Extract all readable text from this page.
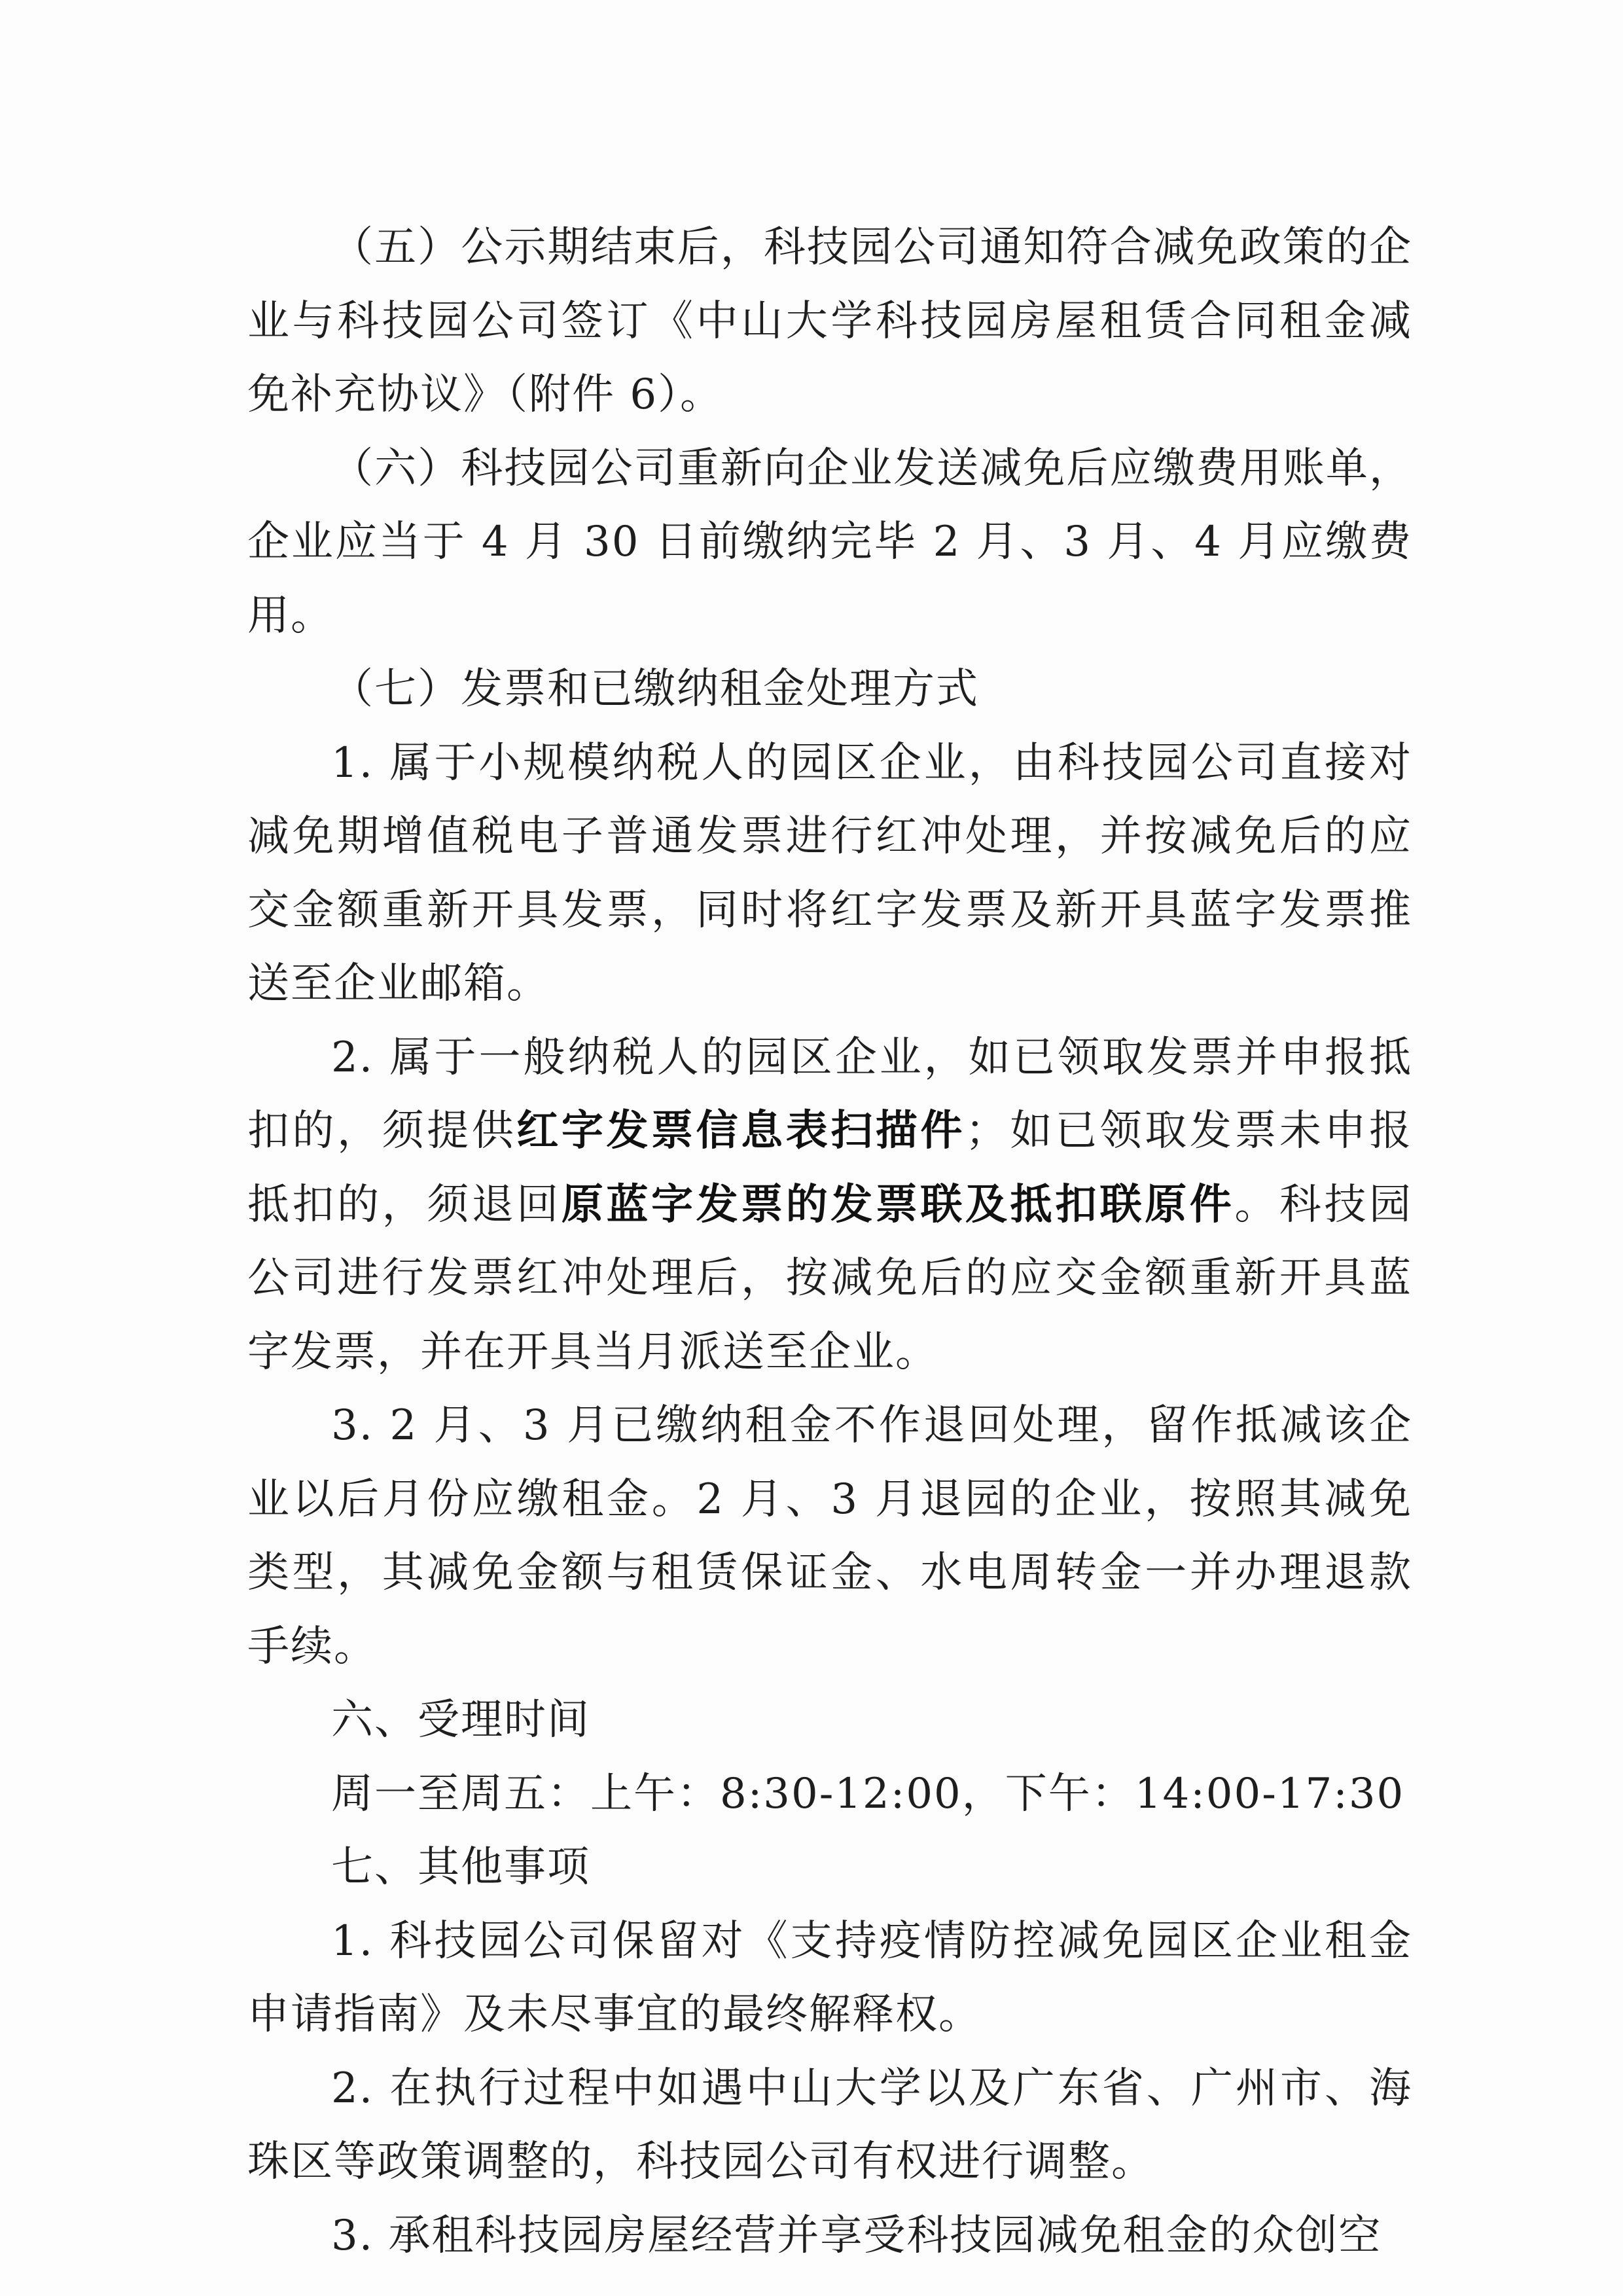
（五）公示期结束后，科技园公司通知符合减免政策的企业与科技园公司签订《中山大学科技园房屋租赁合同租金减免补充协议》（附件 6）。

（六）科技园公司重新向企业发送减免后应缴费用账单，企业应当于 4 月 30 日前缴纳完毕 2 月、3 月、4 月应缴费用。

（七）发票和已缴纳租金处理方式

1. 属于小规模纳税人的园区企业，由科技园公司直接对减免期增值税电子普通发票进行红冲处理，并按减免后的应交金额重新开具发票，同时将红字发票及新开具蓝字发票推送至企业邮箱。

2. 属于一般纳税人的园区企业，如已领取发票并申报抵扣的，须提供红字发票信息表扫描件；如已领取发票未申报抵扣的，须退回原蓝字发票的发票联及抵扣联原件。科技园公司进行发票红冲处理后，按减免后的应交金额重新开具蓝字发票，并在开具当月派送至企业。

3. 2 月、3 月已缴纳租金不作退回处理，留作抵减该企业以后月份应缴租金。2 月、3 月退园的企业，按照其减免类型，其减免金额与租赁保证金、水电周转金一并办理退款手续。

六、受理时间

周一至周五：上午：8:30-12:00，下午：14:00-17:30

七、其他事项

1. 科技园公司保留对《支持疫情防控减免园区企业租金申请指南》及未尽事宜的最终解释权。

2. 在执行过程中如遇中山大学以及广东省、广州市、海珠区等政策调整的，科技园公司有权进行调整。

3. 承租科技园房屋经营并享受科技园减免租金的众创空
